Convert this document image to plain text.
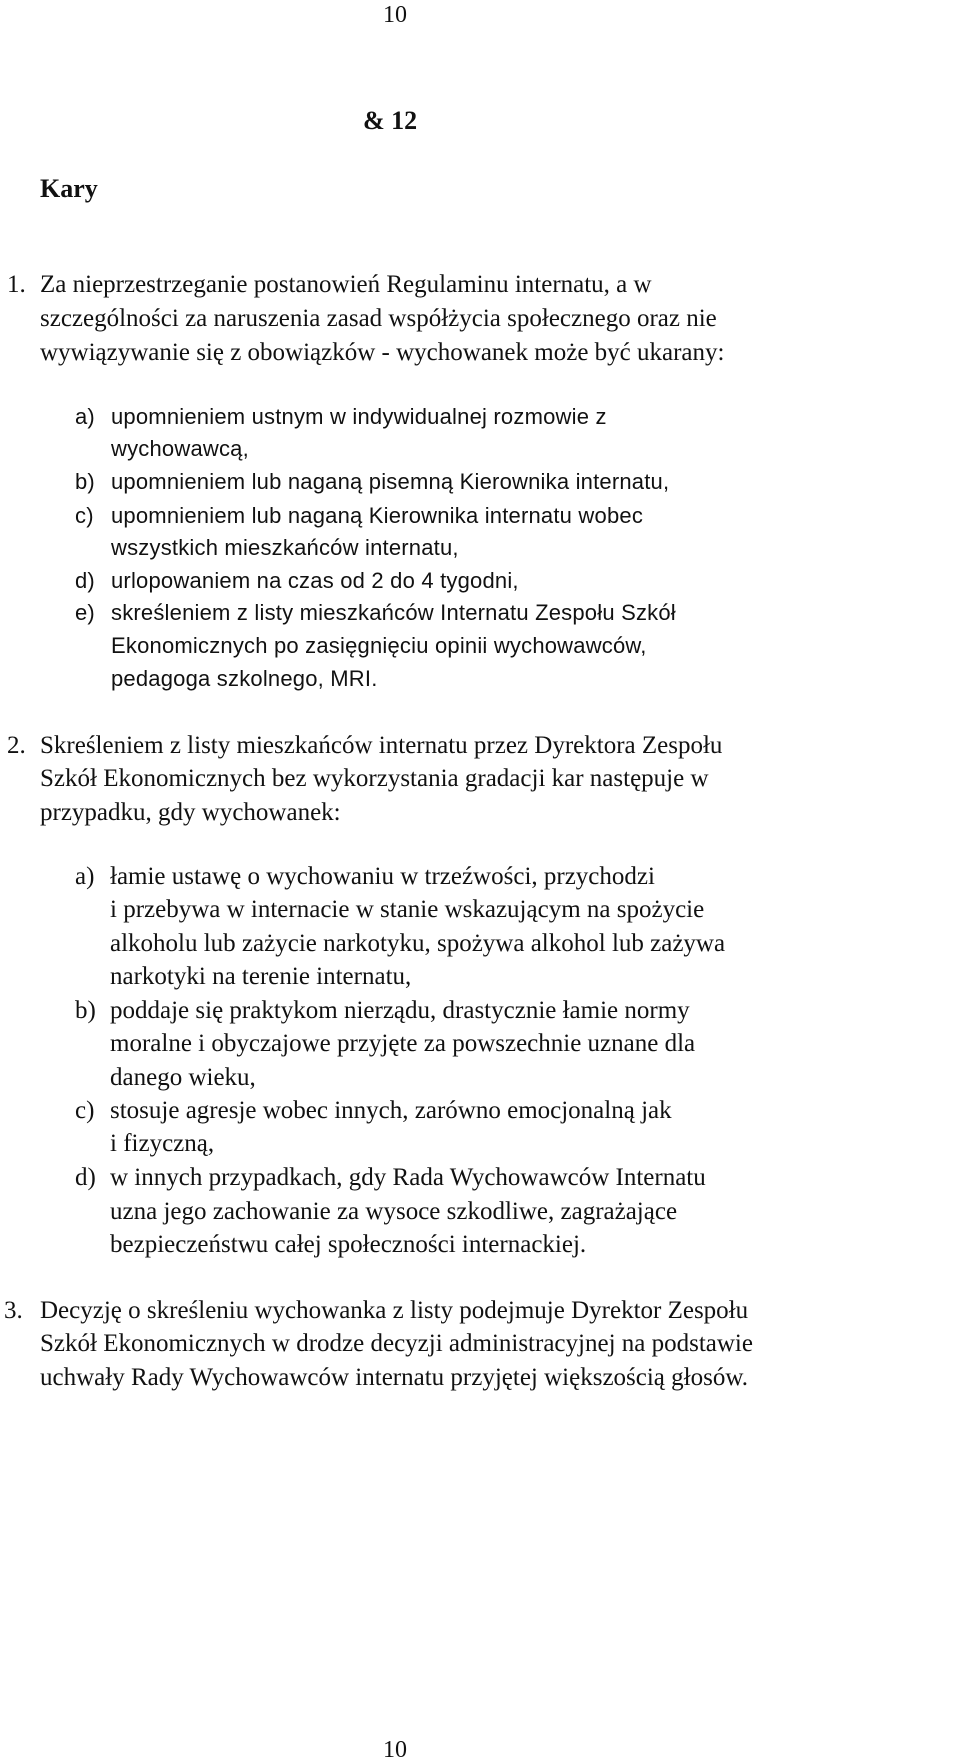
10
& 12
Kary
1. Za nieprzestrzeganie postanowień Regulaminu internatu, a w
szczególności za naruszenia zasad współżycia społecznego oraz nie
wywiązywanie się z obowiązków - wychowanek może być ukarany:
a) upomnieniem ustnym w indywidualnej rozmowie z
wychowawcą,
b) upomnieniem lub naganą pisemną Kierownika internatu,
c) upomnieniem lub naganą Kierownika internatu wobec
wszystkich mieszkańców internatu,
d) urlopowaniem na czas od 2 do 4 tygodni,
e) skreśleniem z listy mieszkańców Internatu Zespołu Szkół
Ekonomicznych po zasięgnięciu opinii wychowawców,
pedagoga szkolnego, MRI.
2. Skreśleniem z listy mieszkańców internatu przez Dyrektora Zespołu
Szkół Ekonomicznych bez wykorzystania gradacji kar następuje w
przypadku, gdy wychowanek:
a) łamie ustawę o wychowaniu w trzeźwości, przychodzi
i przebywa w internacie w stanie wskazującym na spożycie
alkoholu lub zażycie narkotyku, spożywa alkohol lub zażywa
narkotyki na terenie internatu,
b) poddaje się praktykom nierządu, drastycznie łamie normy
moralne i obyczajowe przyjęte za powszechnie uznane dla
danego wieku,
c) stosuje agresje wobec innych, zarówno emocjonalną jak
i fizyczną,
d) w innych przypadkach, gdy Rada Wychowawców Internatu
uzna jego zachowanie za wysoce szkodliwe, zagrażające
bezpieczeństwu całej społeczności internackiej.
3. Decyzję o skreśleniu wychowanka z listy podejmuje Dyrektor Zespołu
Szkół Ekonomicznych w drodze decyzji administracyjnej na podstawie
uchwały Rady Wychowawców internatu przyjętej większością głosów.
10
